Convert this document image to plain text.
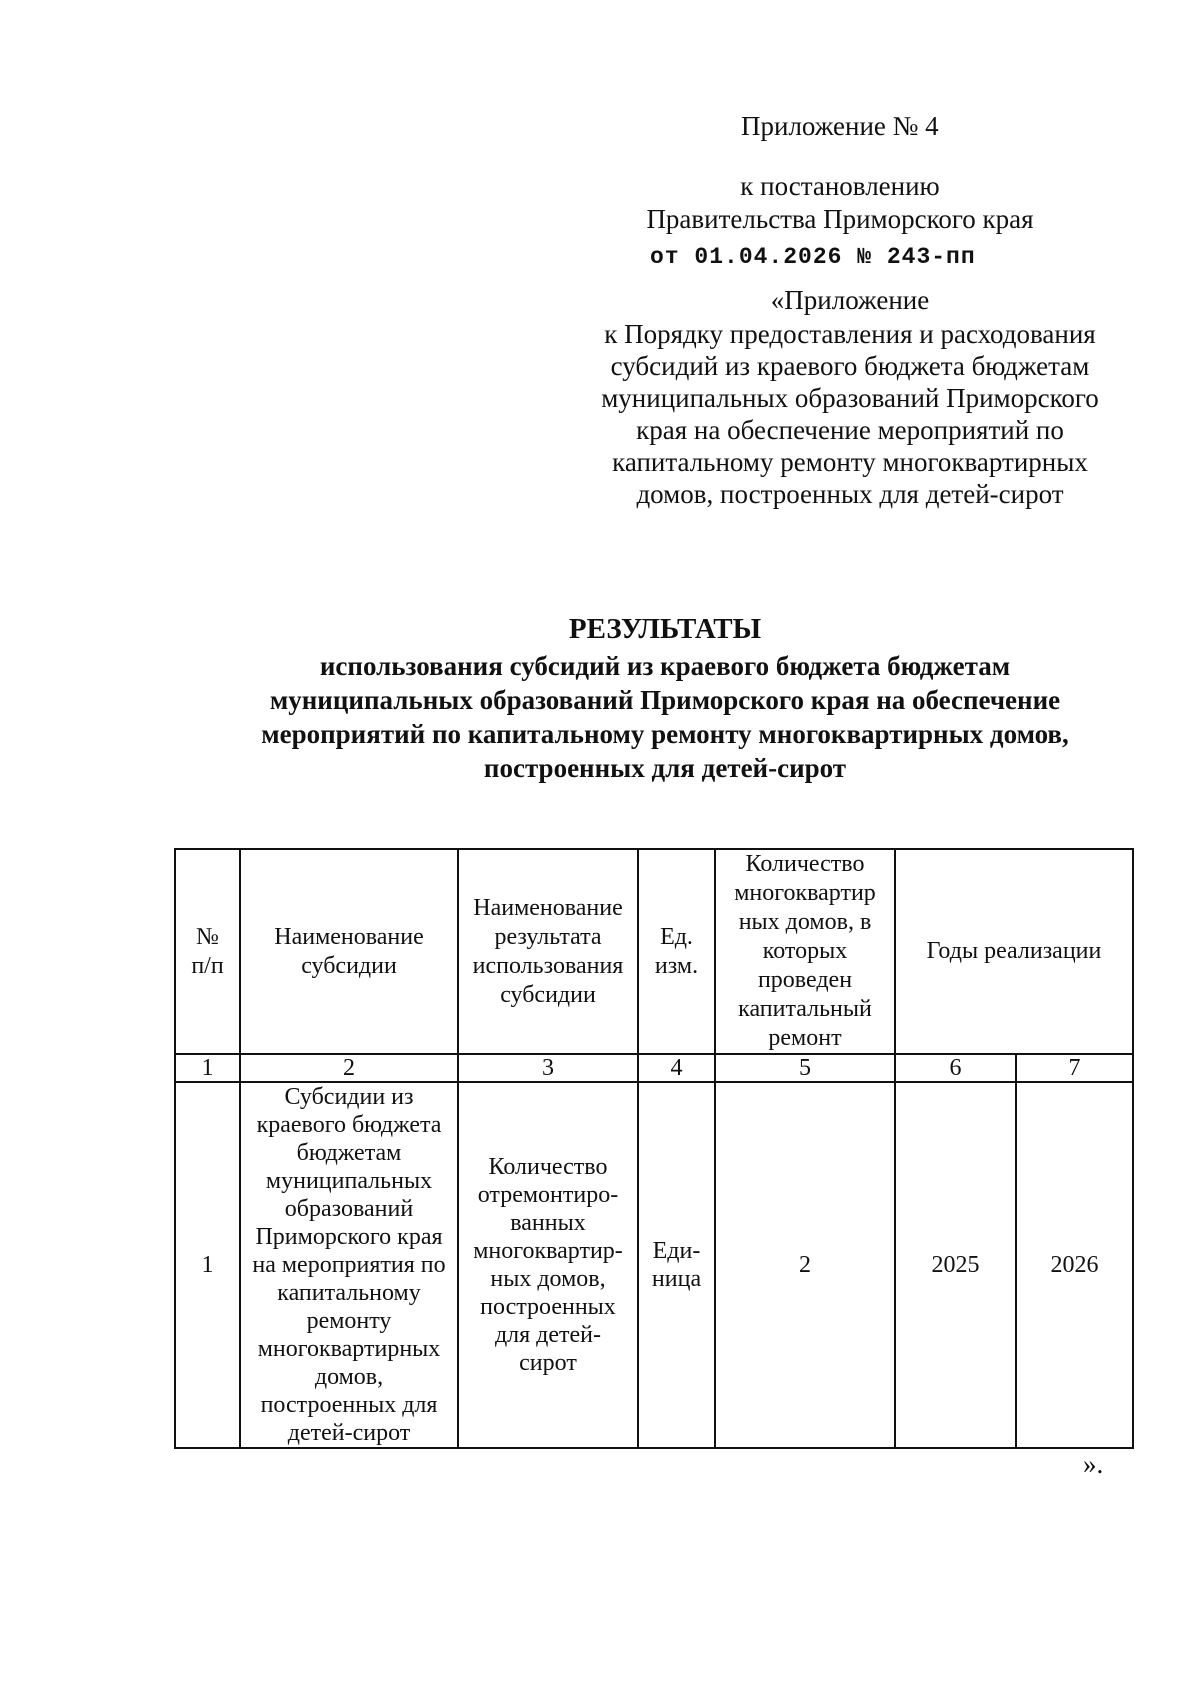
Приложение № 4
к постановлению
Правительства Приморского края
от 01.04.2026 № 243-пп
«Приложение
к Порядку предоставления и расходования
субсидий из краевого бюджета бюджетам
муниципальных образований Приморского
края на обеспечение мероприятий по
капитальному ремонту многоквартирных
домов, построенных для детей-сирот
РЕЗУЛЬТАТЫ
использования субсидий из краевого бюджета бюджетам
муниципальных образований Приморского края на обеспечение
мероприятий по капитальному ремонту многоквартирных домов,
построенных для детей-сирот
№ п/п	Наименование субсидии	Наименование результата использования субсидии	Ед. изм.	Количество многоквартир ных домов, в которых проведен капитальный ремонт	Годы реализации	
1	2	3	4	5	6	7
1	Субсидии из краевого бюджета бюджетам муниципальных образований Приморского края на мероприятия по капитальному ремонту многоквартирных домов, построенных для детей-сирот	Количество отремонтиро-ванных многоквартир-ных домов, построенных для детей-сирот	Еди-ница	2	2025	2026
».
